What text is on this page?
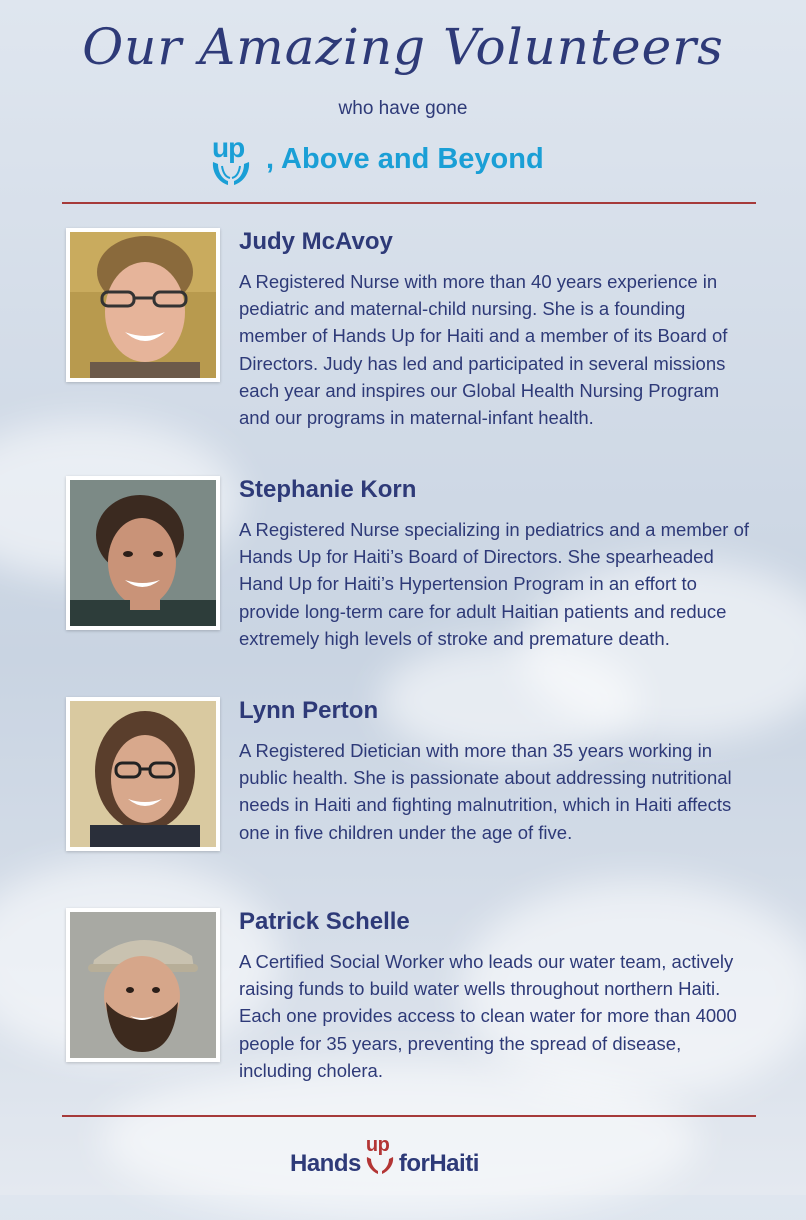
Our Amazing Volunteers
who have gone
up , Above and Beyond
Judy McAvoy
A Registered Nurse with more than 40 years experience in pediatric and maternal-child nursing. She is a founding member of Hands Up for Haiti and a member of its Board of Directors. Judy has led and participated in several missions each year and inspires our Global Health Nursing Program and our programs in maternal-infant health.
Stephanie Korn
A Registered Nurse specializing in pediatrics and a member of Hands Up for Haiti’s Board of Directors. She spearheaded Hand Up for Haiti’s Hypertension Program in an effort to provide long-term care for adult Haitian patients and reduce extremely high levels of stroke and premature death.
Lynn Perton
A Registered Dietician with more than 35 years working in public health. She is passionate about addressing nutritional needs in Haiti and fighting malnutrition, which in Haiti affects one in five children under the age of five.
Patrick Schelle
A Certified Social Worker who leads our water team, actively raising funds to build water wells throughout northern Haiti. Each one provides access to clean water for more than 4000 people for 35 years, preventing the spread of disease, including cholera.
Hands
up
forHaiti
